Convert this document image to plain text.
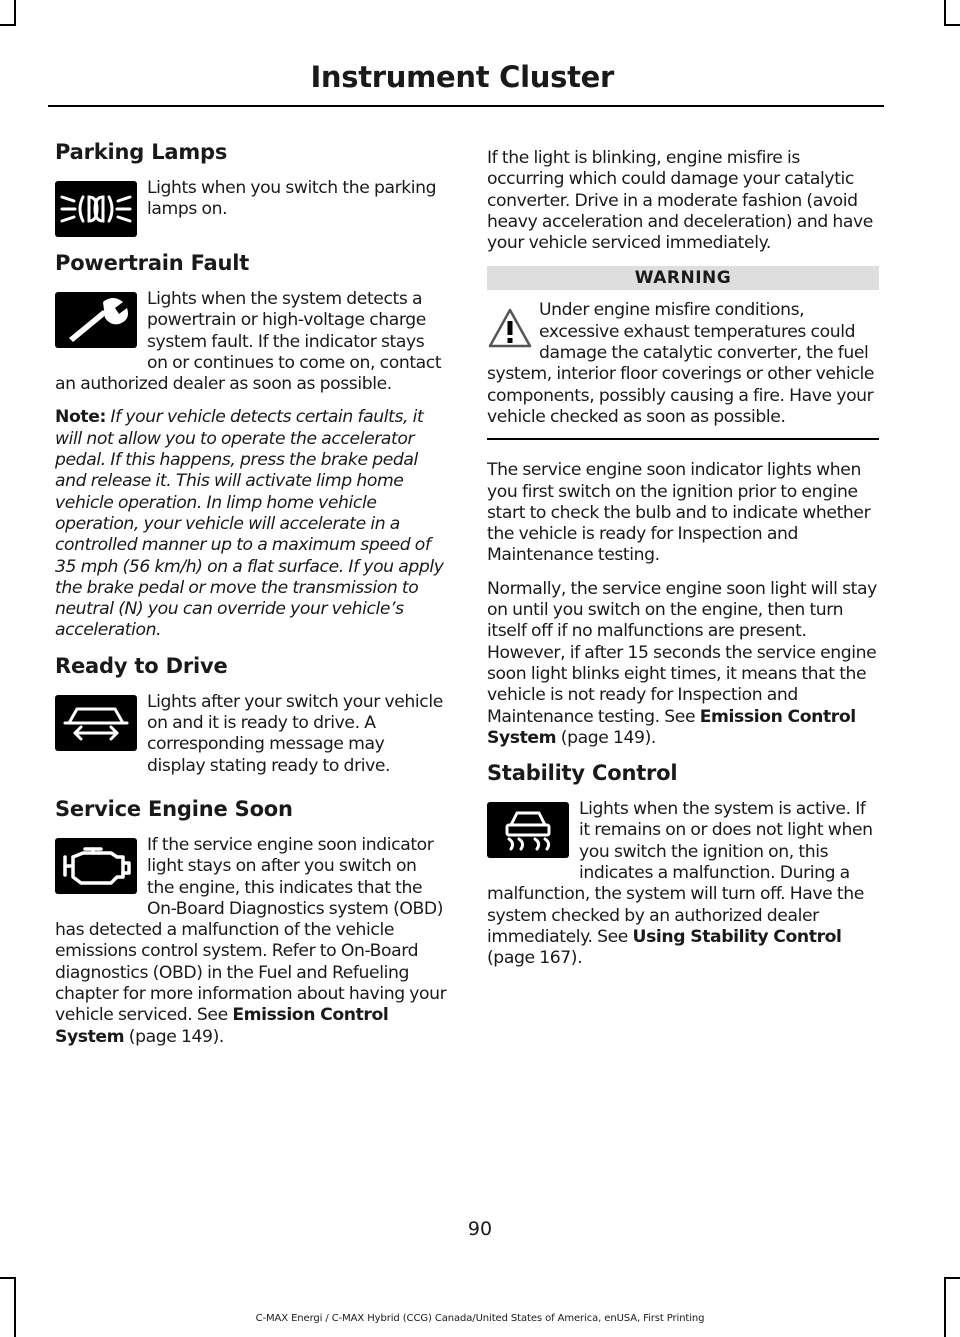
Instrument Cluster
Parking Lamps

Lights when you switch the parking lamps on.

Powertrain Fault

Lights when the system detects a powertrain or high-voltage charge system fault. If the indicator stays on or continues to come on, contact an authorized dealer as soon as possible.

Note: If your vehicle detects certain faults, it will not allow you to operate the accelerator pedal. If this happens, press the brake pedal and release it. This will activate limp home vehicle operation. In limp home vehicle operation, your vehicle will accelerate in a controlled manner up to a maximum speed of 35 mph (56 km/h) on a flat surface. If you apply the brake pedal or move the transmission to neutral (N) you can override your vehicle’s acceleration.

Ready to Drive

Lights after your switch your vehicle on and it is ready to drive. A corresponding message may display stating ready to drive.

Service Engine Soon

If the service engine soon indicator light stays on after you switch on the engine, this indicates that the On-Board Diagnostics system (OBD) has detected a malfunction of the vehicle emissions control system. Refer to On-Board diagnostics (OBD) in the Fuel and Refueling chapter for more information about having your vehicle serviced. See Emission Control System (page 149).

If the light is blinking, engine misfire is occurring which could damage your catalytic converter. Drive in a moderate fashion (avoid heavy acceleration and deceleration) and have your vehicle serviced immediately.

WARNING

Under engine misfire conditions, excessive exhaust temperatures could damage the catalytic converter, the fuel system, interior floor coverings or other vehicle components, possibly causing a fire. Have your vehicle checked as soon as possible.

The service engine soon indicator lights when you first switch on the ignition prior to engine start to check the bulb and to indicate whether the vehicle is ready for Inspection and Maintenance testing.

Normally, the service engine soon light will stay on until you switch on the engine, then turn itself off if no malfunctions are present. However, if after 15 seconds the service engine soon light blinks eight times, it means that the vehicle is not ready for Inspection and Maintenance testing. See Emission Control System (page 149).

Stability Control

Lights when the system is active. If it remains on or does not light when you switch the ignition on, this indicates a malfunction. During a malfunction, the system will turn off. Have the system checked by an authorized dealer immediately. See Using Stability Control (page 167).

90

C-MAX Energi / C-MAX Hybrid (CCG) Canada/United States of America, enUSA, First Printing
